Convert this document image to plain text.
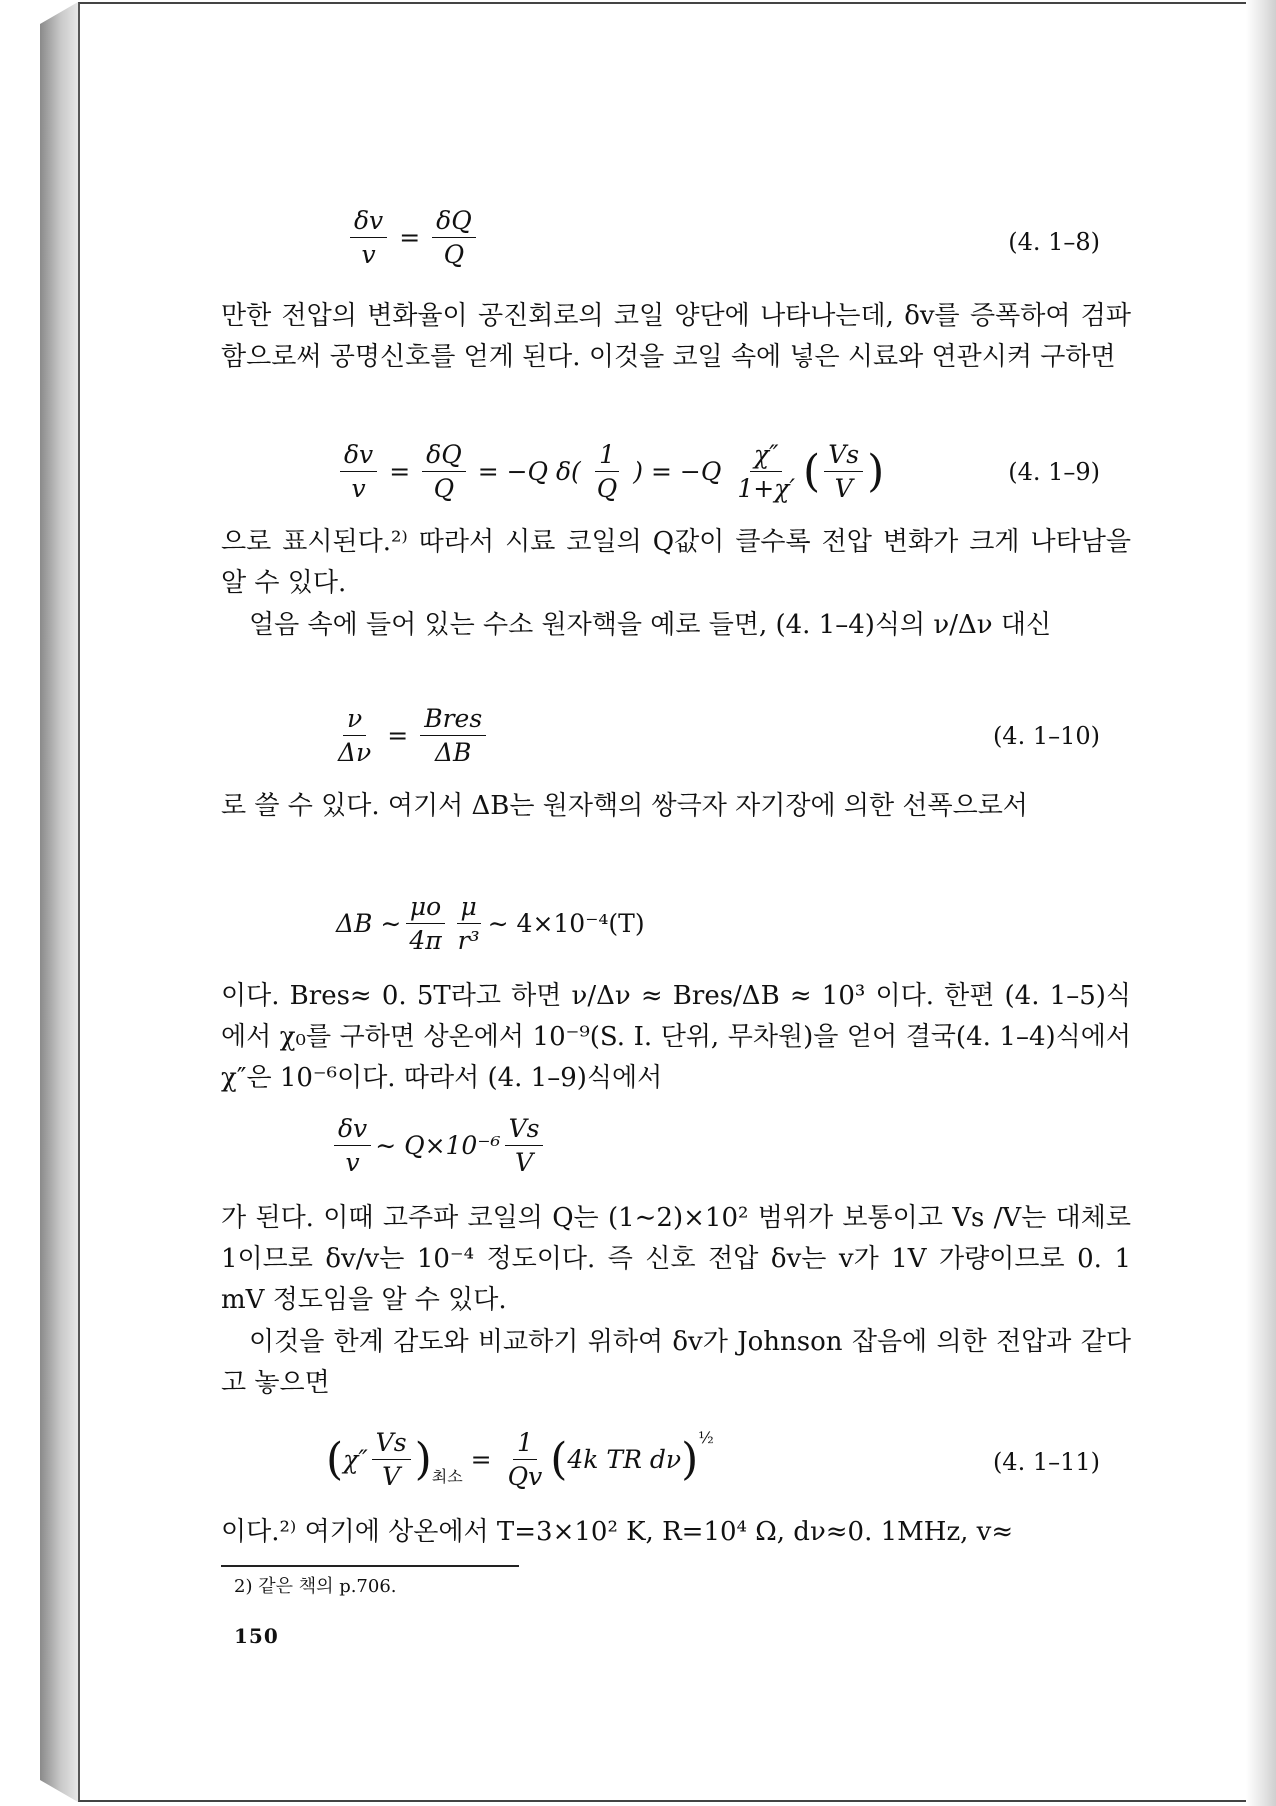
$\frac{\delta v}{v} = \frac{\delta Q}{Q}$	(4. 1–8)
만한 전압의 변화율이 공진회로의 코일 양단에 나타나는데, δv를 증폭하여 검파함으로써 공명신호를 얻게 된다. 이것을 코일 속에 넣은 시료와 연관시켜 구하면
$\frac{\delta v}{v} = \frac{\delta Q}{Q} = -Q$ $\delta( \frac{1}{Q}$ ) = $-Q \frac{\chi''}{1+\chi'}$ ( $\frac{Vs}{V}$ )	(4. 1–9)
으로 표시된다.²⁾ 따라서 시료 코일의 Q값이 클수록 전압 변화가 크게 나타남을 알 수 있다.
얼음 속에 들어 있는 수소 원자핵을 예로 들면, (4. 1–4)식의 ν/Δν 대신
$\frac{\nu}{\Delta\nu} = \frac{\text{Bres}}{\Delta B}$	(4. 1–10)
로 쓸 수 있다. 여기서 ΔB는 원자핵의 쌍극자 자기장에 의한 선폭으로서
ΔB ∼ $\frac{\mu o}{4\pi} \frac{\mu}{\text{r³}}$ ∼ 4×10⁻⁴(T)
이다. Bres≈ 0. 5T라고 하면 ν/Δν ≈ Bres/ΔB ≈ 10³ 이다. 한편 (4. 1–5)식에서 χ₀를 구하면 상온에서 10⁻⁹(S. I. 단위, 무차원)을 얻어 결국(4. 1–4)식에서 χ″은 10⁻⁶이다. 따라서 (4. 1–9)식에서
$\frac{\delta v}{v}$ ∼ $Q\times 10^{-6} \frac{Vs}{V}$
가 된다. 이때 고주파 코일의 Q는 (1∼2)×10² 범위가 보통이고 Vs /V는 대체로 1이므로 δv/v는 10⁻⁴ 정도이다. 즉 신호 전압 δv는 v가 1V 가량이므로 0. 1 mV 정도임을 알 수 있다.
이것을 한계 감도와 비교하기 위하여 δv가 Johnson 잡음에 의한 전압과 같다고 놓으면
( $\chi'' \frac{Vs}{V}$ ) 최소
= $\frac{1}{Qv}$ ( 4k TR dν ) ½
(4. 1–11)
이다.²⁾ 여기에 상온에서 T=3×10² K, R=10⁴ Ω, dν≈0. 1MHz, v≈
2) 같은 책의 p.706.
150
